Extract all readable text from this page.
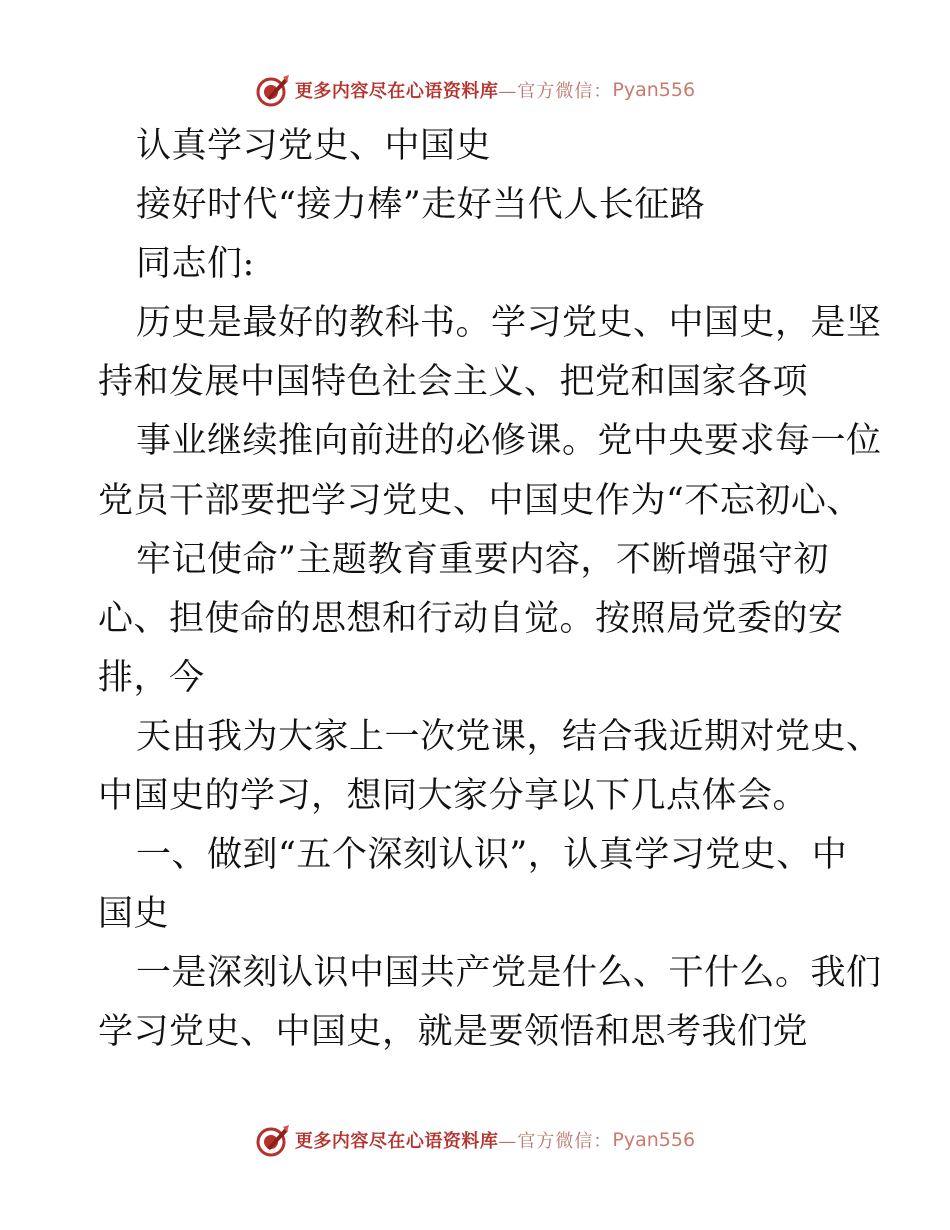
更多内容尽在心语资料库 —官方微信： Pyan556
认真学习党史、中国史
接好时代“接力棒”走好当代人长征路
同志们:
历史是最好的教科书。学习党史、中国史，是坚
持和发展中国特色社会主义、把党和国家各项
事业继续推向前进的必修课。党中央要求每一位
党员干部要把学习党史、中国史作为“不忘初心、
牢记使命”主题教育重要内容，不断增强守初
心、担使命的思想和行动自觉。按照局党委的安
排，今
天由我为大家上一次党课，结合我近期对党史、
中国史的学习，想同大家分享以下几点体会。
一、做到“五个深刻认识”，认真学习党史、中
国史
一是深刻认识中国共产党是什么、干什么。我们
学习党史、中国史，就是要领悟和思考我们党
更多内容尽在心语资料库 —官方微信： Pyan556
